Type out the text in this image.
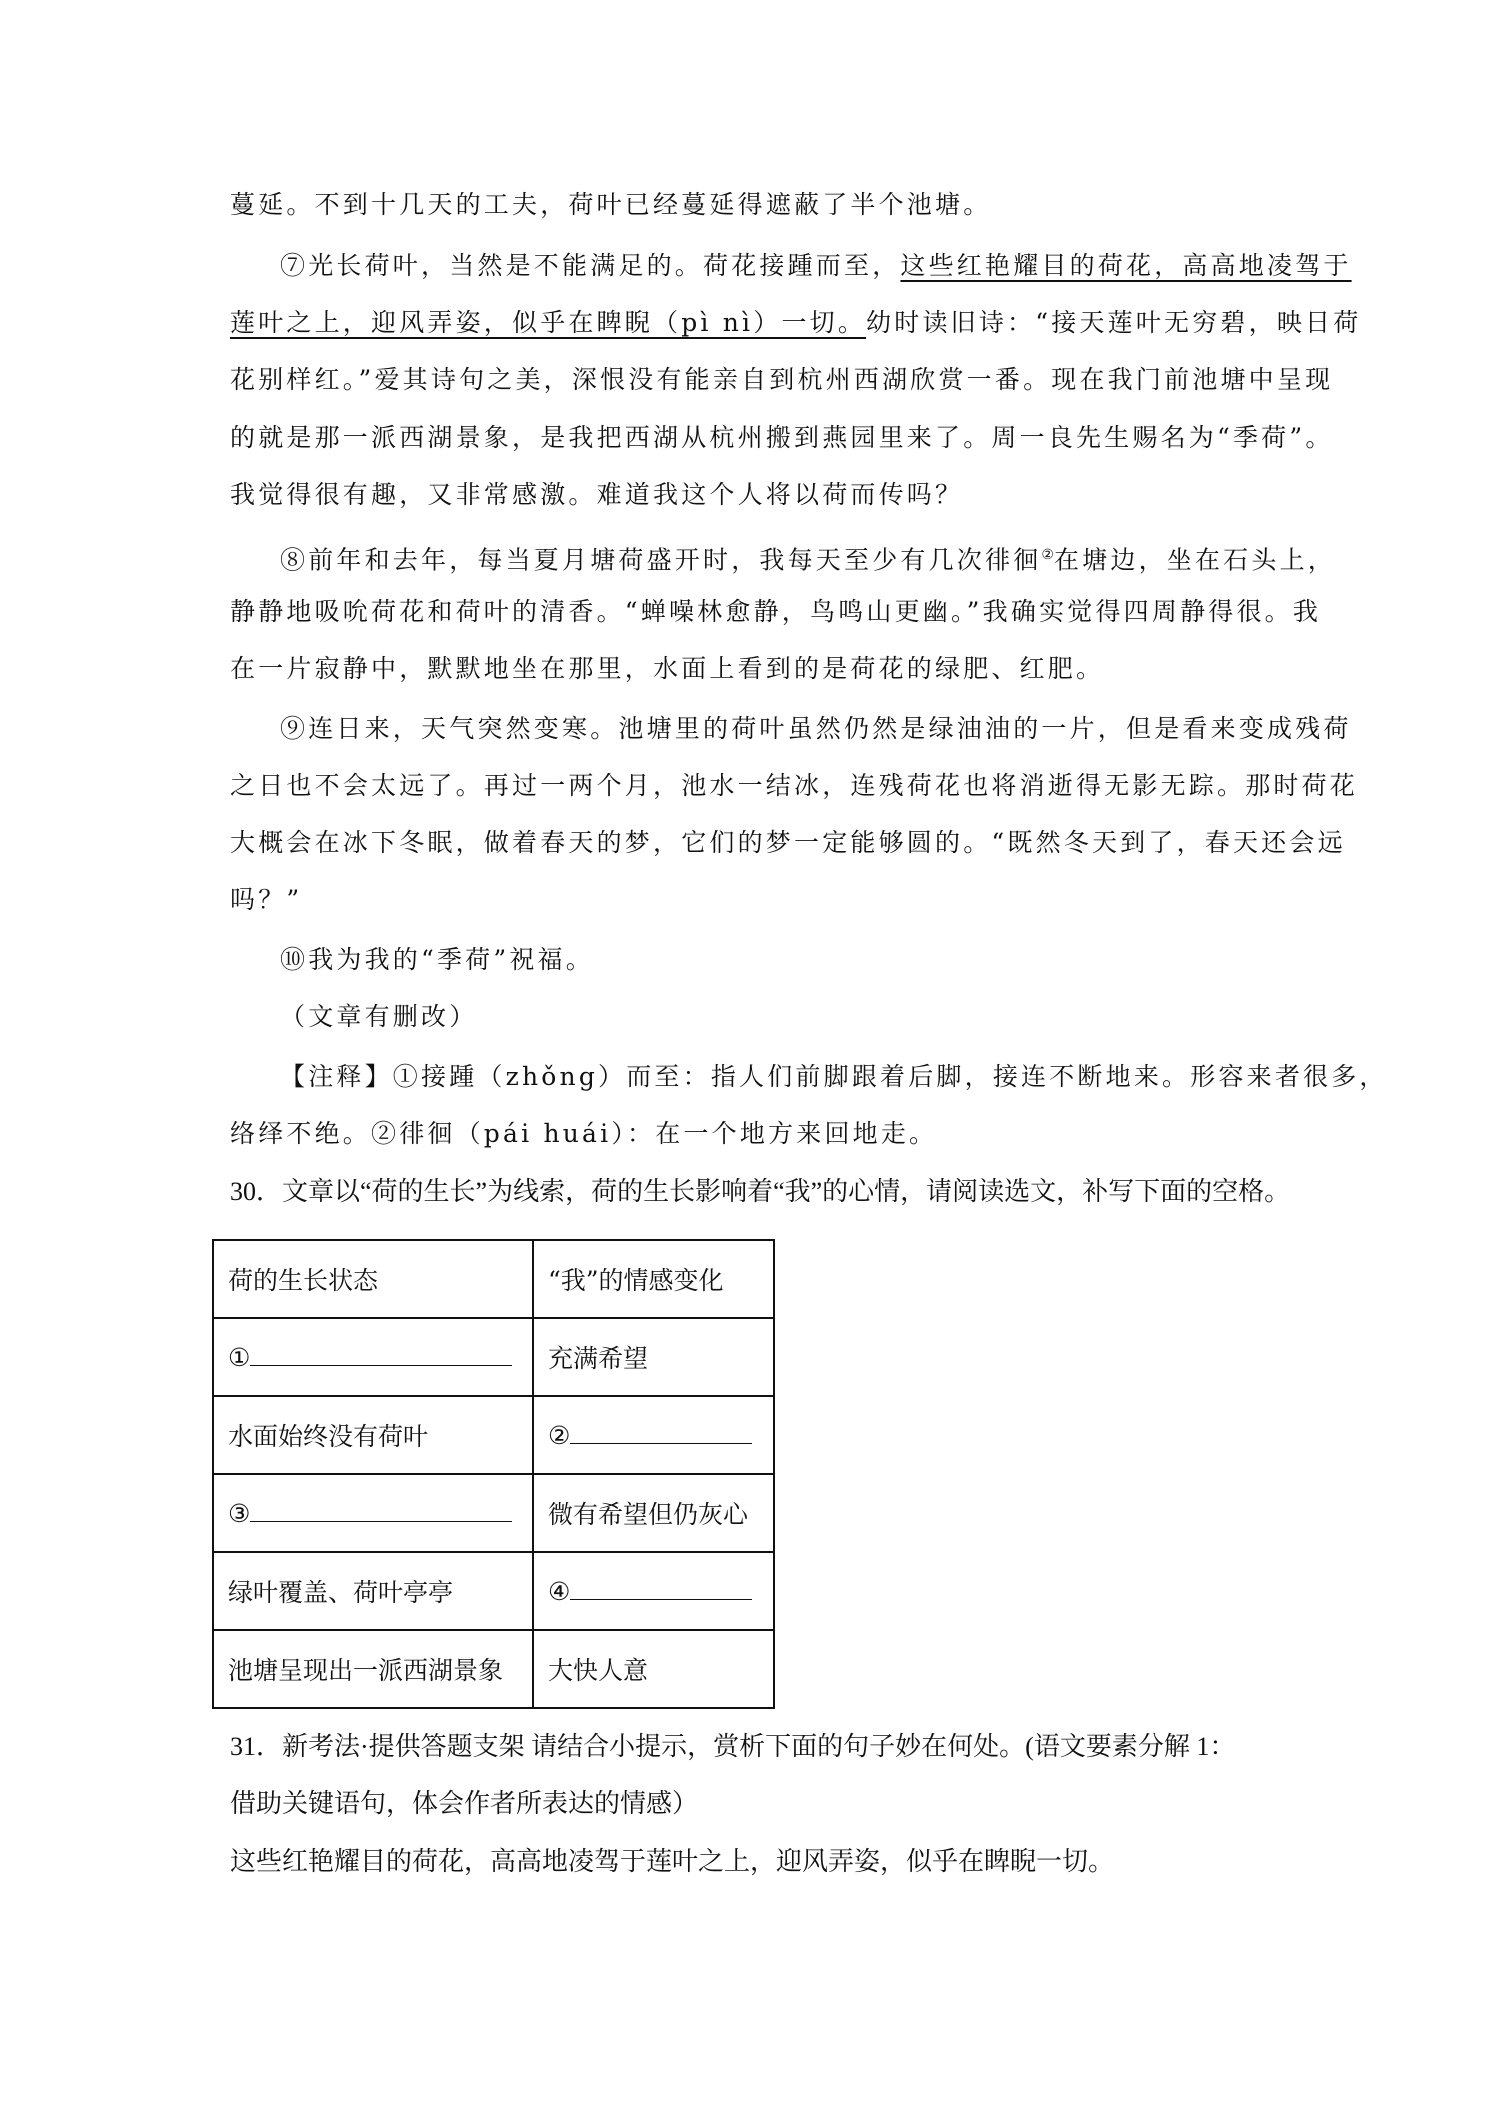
蔓延。不到十几天的工夫，荷叶已经蔓延得遮蔽了半个池塘。
⑦光长荷叶，当然是不能满足的。荷花接踵而至，这些红艳耀目的荷花，高高地凌驾于
莲叶之上，迎风弄姿，似乎在睥睨（pì nì）一切。幼时读旧诗：“接天莲叶无穷碧，映日荷
花别样红。”爱其诗句之美，深恨没有能亲自到杭州西湖欣赏一番。现在我门前池塘中呈现
的就是那一派西湖景象，是我把西湖从杭州搬到燕园里来了。周一良先生赐名为“季荷”。
我觉得很有趣，又非常感激。难道我这个人将以荷而传吗？
⑧前年和去年，每当夏月塘荷盛开时，我每天至少有几次徘徊②在塘边，坐在石头上，
静静地吸吮荷花和荷叶的清香。“蝉噪林愈静，鸟鸣山更幽。”我确实觉得四周静得很。我
在一片寂静中，默默地坐在那里，水面上看到的是荷花的绿肥、红肥。
⑨连日来，天气突然变寒。池塘里的荷叶虽然仍然是绿油油的一片，但是看来变成残荷
之日也不会太远了。再过一两个月，池水一结冰，连残荷花也将消逝得无影无踪。那时荷花
大概会在冰下冬眠，做着春天的梦，它们的梦一定能够圆的。“既然冬天到了，春天还会远
吗？”
⑩我为我的“季荷”祝福。
（文章有删改）
【注释】①接踵（zhǒng）而至：指人们前脚跟着后脚，接连不断地来。形容来者很多，
络绎不绝。②徘徊（pái huái）：在一个地方来回地走。
30．文章以“荷的生长”为线索，荷的生长影响着“我”的心情，请阅读选文，补写下面的空格。
荷的生长状态	“我”的情感变化
①	充满希望
水面始终没有荷叶	②
③	微有希望但仍灰心
绿叶覆盖、荷叶亭亭	④
池塘呈现出一派西湖景象	大快人意
31．新考法·提供答题支架 请结合小提示，赏析下面的句子妙在何处。(语文要素分解 1：
借助关键语句，体会作者所表达的情感）
这些红艳耀目的荷花，高高地凌驾于莲叶之上，迎风弄姿，似乎在睥睨一切。
